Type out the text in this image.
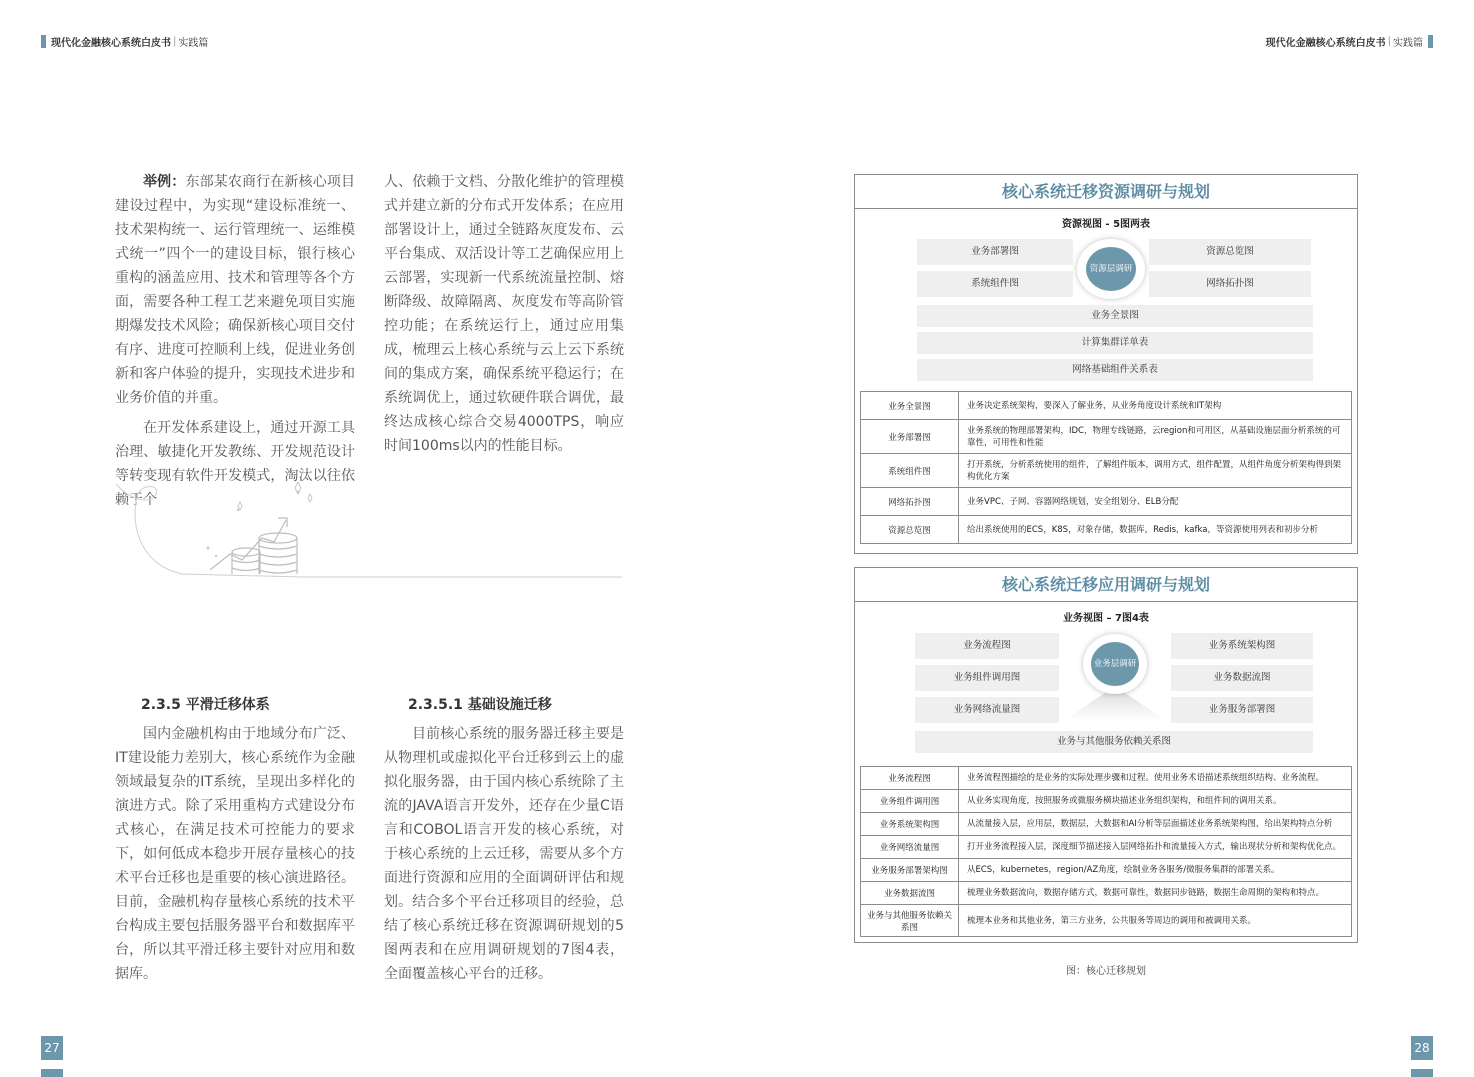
现代化金融核心系统白皮书 | 实践篇	现代化金融核心系统白皮书 | 实践篇

举例：东部某农商行在新核心项目建设过程中，为实现“建设标准统一、技术架构统一、运行管理统一、运维模式统一”四个一的建设目标，银行核心重构的涵盖应用、技术和管理等各个方面，需要各种工程工艺来避免项目实施期爆发技术风险；确保新核心项目交付有序、进度可控顺利上线，促进业务创新和客户体验的提升，实现技术进步和业务价值的并重。

在开发体系建设上，通过开源工具治理、敏捷化开发教练、开发规范设计等转变现有软件开发模式，淘汰以往依赖于个

人、依赖于文档、分散化维护的管理模式并建立新的分布式开发体系；在应用部署设计上，通过全链路灰度发布、云平台集成、双活设计等工艺确保应用上云部署，实现新一代系统流量控制、熔断降级、故障隔离、灰度发布等高阶管控功能；在系统运行上，通过应用集成，梳理云上核心系统与云上云下系统间的集成方案，确保系统平稳运行；在系统调优上，通过软硬件联合调优，最终达成核心综合交易4000TPS，响应时间100ms以内的性能目标。

2.3.5 平滑迁移体系	2.3.5.1 基础设施迁移

国内金融机构由于地域分布广泛、IT建设能力差别大，核心系统作为金融领域最复杂的IT系统，呈现出多样化的演进方式。除了采用重构方式建设分布式核心，在满足技术可控能力的要求下，如何低成本稳步开展存量核心的技术平台迁移也是重要的核心演进路径。目前，金融机构存量核心系统的技术平台构成主要包括服务器平台和数据库平台，所以其平滑迁移主要针对应用和数据库。

目前核心系统的服务器迁移主要是从物理机或虚拟化平台迁移到云上的虚拟化服务器，由于国内核心系统除了主流的JAVA语言开发外，还存在少量C语言和COBOL语言开发的核心系统，对于核心系统的上云迁移，需要从多个方面进行资源和应用的全面调研评估和规划。结合多个平台迁移项目的经验，总结了核心系统迁移在资源调研规划的5图两表和在应用调研规划的7图4表，全面覆盖核心平台的迁移。

核心系统迁移资源调研与规划
资源视图 - 5图两表
业务部署图
系统组件图
资源总览图
网络拓扑图
资源层调研
业务全景图
计算集群详单表
网络基础组件关系表
业务全景图	业务决定系统架构，要深入了解业务，从业务角度设计系统和IT架构
业务部署图	业务系统的物理部署架构，IDC，物理专线链路，云region和可用区，从基础设施层面分析系统的可靠性，可用性和性能
系统组件图	打开系统，分析系统使用的组件，了解组件版本，调用方式，组件配置，从组件角度分析架构得到架构优化方案
网络拓扑图	业务VPC、子网、容器网络规划，安全组划分、ELB分配
资源总览图	给出系统使用的ECS，K8S，对象存储，数据库，Redis，kafka，等资源使用列表和初步分析
核心系统迁移应用调研与规划
业务视图 – 7图4表
业务流程图
业务组件调用图
业务网络流量图
业务系统架构图
业务数据流图
业务服务部署图
业务层调研
业务与其他服务依赖关系图
业务流程图	业务流程图描绘的是业务的实际处理步骤和过程。使用业务术语描述系统组织结构、业务流程。
业务组件调用图	从业务实现角度，按照服务或微服务横块描述业务组织架构，和组件间的调用关系。
业务系统架构图	从流量接入层，应用层，数据层，大数据和AI分析等层面描述业务系统架构图，给出架构特点分析
业务网络流量图	打开业务流程接入层，深度细节描述接入层网络拓扑和流量接入方式，输出现状分析和架构优化点。
业务服务部署架构图	从ECS，kubernetes，region/AZ角度，绘制业务各服务/微服务集群的部署关系。
业务数据流图	梳理业务数据流向，数据存储方式，数据可靠性，数据同步链路，数据生命周期的架构和特点。
业务与其他服务依赖关系图	梳理本业务和其他业务，第三方业务，公共服务等周边的调用和被调用关系。
图：核心迁移规划
27	28
